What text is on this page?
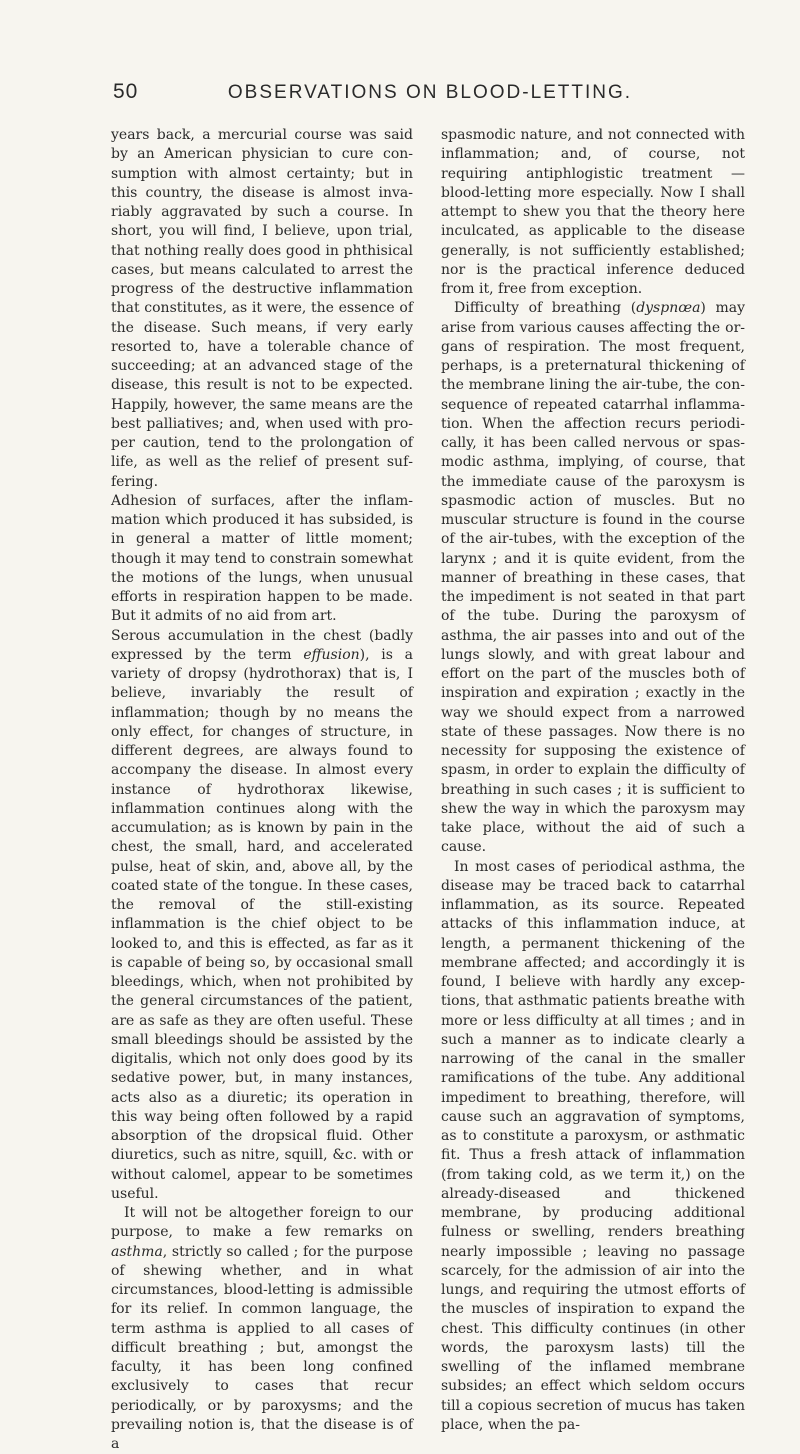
50	OBSERVATIONS ON BLOOD-LETTING.

years back, a mercurial course was said by an American physician to cure consumption with almost certainty; but in this country, the disease is almost invariably aggravated by such a course. In short, you will find, I believe, upon trial, that nothing really does good in phthisical cases, but means calculated to arrest the progress of the destructive inflammation that constitutes, as it were, the essence of the disease. Such means, if very early resorted to, have a tolerable chance of succeeding; at an advanced stage of the disease, this result is not to be expected. Happily, however, the same means are the best palliatives; and, when used with proper caution, tend to the prolongation of life, as well as the relief of present suffering.

Adhesion of surfaces, after the inflammation which produced it has subsided, is in general a matter of little moment; though it may tend to constrain somewhat the motions of the lungs, when unusual efforts in respiration happen to be made. But it admits of no aid from art.

Serous accumulation in the chest (badly expressed by the term effusion), is a variety of dropsy (hydrothorax) that is, I believe, invariably the result of inflammation; though by no means the only effect, for changes of structure, in different degrees, are always found to accompany the disease. In almost every instance of hydrothorax likewise, inflammation continues along with the accumulation; as is known by pain in the chest, the small, hard, and accelerated pulse, heat of skin, and, above all, by the coated state of the tongue. In these cases, the removal of the still-existing inflammation is the chief object to be looked to, and this is effected, as far as it is capable of being so, by occasional small bleedings, which, when not prohibited by the general circumstances of the patient, are as safe as they are often useful. These small bleedings should be assisted by the digitalis, which not only does good by its sedative power, but, in many instances, acts also as a diuretic; its operation in this way being often followed by a rapid absorption of the dropsical fluid. Other diuretics, such as nitre, squill, &c. with or without calomel, appear to be sometimes useful.

It will not be altogether foreign to our purpose, to make a few remarks on asthma, strictly so called ; for the purpose of shewing whether, and in what circumstances, blood-letting is admissible for its relief. In common language, the term asthma is applied to all cases of difficult breathing ; but, amongst the faculty, it has been long confined exclusively to cases that recur periodically, or by paroxysms; and the prevailing notion is, that the disease is of a

spasmodic nature, and not connected with inflammation; and, of course, not requiring antiphlogistic treatment — blood-letting more especially. Now I shall attempt to shew you that the theory here inculcated, as applicable to the disease generally, is not sufficiently established; nor is the practical inference deduced from it, free from exception.

Difficulty of breathing (dyspnœa) may arise from various causes affecting the organs of respiration. The most frequent, perhaps, is a preternatural thickening of the membrane lining the air-tube, the consequence of repeated catarrhal inflammation. When the affection recurs periodically, it has been called nervous or spasmodic asthma, implying, of course, that the immediate cause of the paroxysm is spasmodic action of muscles. But no muscular structure is found in the course of the air-tubes, with the exception of the larynx ; and it is quite evident, from the manner of breathing in these cases, that the impediment is not seated in that part of the tube. During the paroxysm of asthma, the air passes into and out of the lungs slowly, and with great labour and effort on the part of the muscles both of inspiration and expiration ; exactly in the way we should expect from a narrowed state of these passages. Now there is no necessity for supposing the existence of spasm, in order to explain the difficulty of breathing in such cases ; it is sufficient to shew the way in which the paroxysm may take place, without the aid of such a cause.

In most cases of periodical asthma, the disease may be traced back to catarrhal inflammation, as its source. Repeated attacks of this inflammation induce, at length, a permanent thickening of the membrane affected; and accordingly it is found, I believe with hardly any exceptions, that asthmatic patients breathe with more or less difficulty at all times ; and in such a manner as to indicate clearly a narrowing of the canal in the smaller ramifications of the tube. Any additional impediment to breathing, therefore, will cause such an aggravation of symptoms, as to constitute a paroxysm, or asthmatic fit. Thus a fresh attack of inflammation (from taking cold, as we term it,) on the already-diseased and thickened membrane, by producing additional fulness or swelling, renders breathing nearly impossible ; leaving no passage scarcely, for the admission of air into the lungs, and requiring the utmost efforts of the muscles of inspiration to expand the chest. This difficulty continues (in other words, the paroxysm lasts) till the swelling of the inflamed membrane subsides; an effect which seldom occurs till a copious secretion of mucus has taken place, when the pa-
